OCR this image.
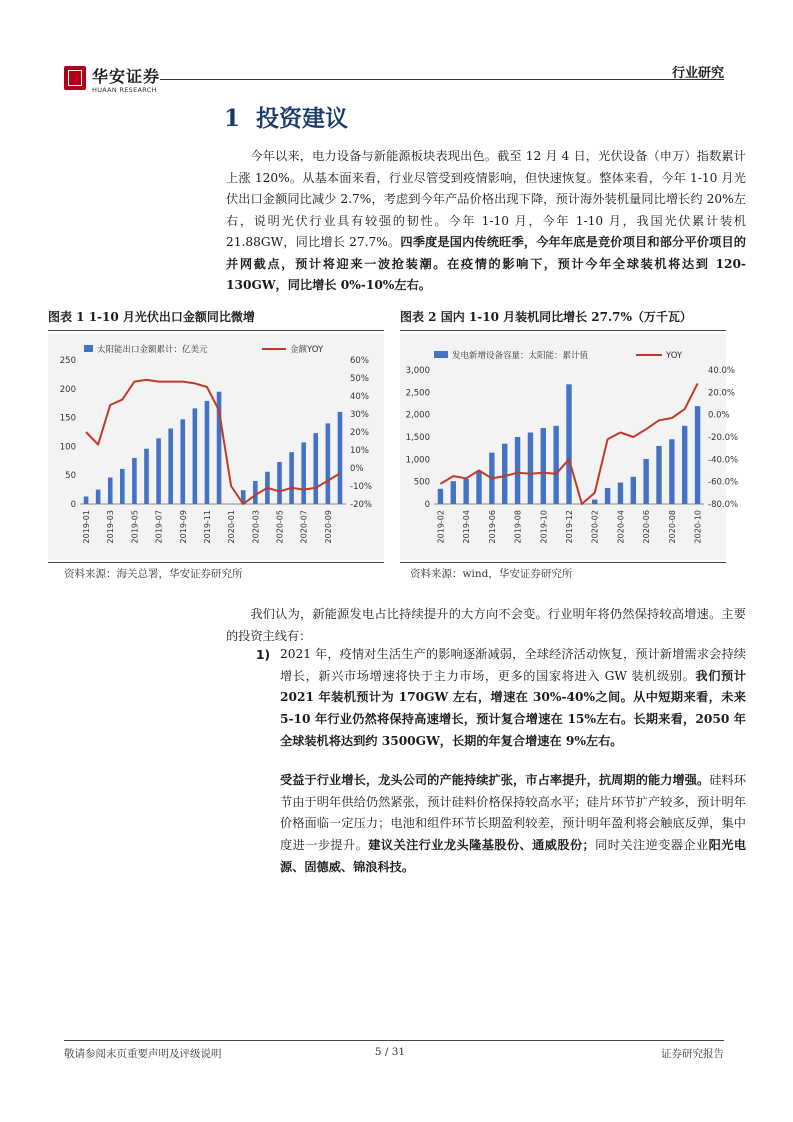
华安证券
HUAAN RESEARCH
行业研究
1 投资建议
今年以来，电力设备与新能源板块表现出色。截至 12 月 4 日，光伏设备（申万）指数累计上涨 120%。从基本面来看，行业尽管受到疫情影响，但快速恢复。整体来看，今年 1-10 月光伏出口金额同比减少 2.7%，考虑到今年产品价格出现下降，预计海外装机量同比增长约 20%左右，说明光伏行业具有较强的韧性。今年 1-10 月，今年 1-10 月，我国光伏累计装机 21.88GW，同比增长 27.7%。四季度是国内传统旺季，今年年底是竞价项目和部分平价项目的并网截点，预计将迎来一波抢装潮。在疫情的影响下，预计今年全球装机将达到 120-130GW，同比增长 0%-10%左右。
图表 1 1-10 月光伏出口金额同比微增	图表 2 国内 1-10 月装机同比增长 27.7%（万千瓦）
太阳能出口金额累计：亿美元	金额YOY
0
50
100
150
200
250	60%
50%
40%
30%
20%
10%
0%
-10%
-20%
2019-01 2019-03 2019-05 2019-07 2019-09 2019-11 2020-01 2020-03 2020-05 2020-07 2020-09
发电新增设备容量：太阳能：累计值	YOY
3,000
2,500
2,000
1,500
1,000
500
0
40.0%
20.0%
0.0%
-20.0%
-40.0%
-60.0%
-80.0%
2019-02 2019-04 2019-06 2019-08 2019-10 2019-12 2020-02 2020-04 2020-06 2020-08 2020-10
资料来源：海关总署，华安证券研究所	资料来源：wind，华安证券研究所
我们认为，新能源发电占比持续提升的大方向不会变。行业明年将仍然保持较高增速。主要的投资主线有：
1) 2021 年，疫情对生活生产的影响逐渐减弱，全球经济活动恢复，预计新增需求会持续增长，新兴市场增速将快于主力市场，更多的国家将进入 GW 装机级别。我们预计 2021 年装机预计为 170GW 左右，增速在 30%-40%之间。从中短期来看，未来 5-10 年行业仍然将保持高速增长，预计复合增速在 15%左右。长期来看，2050 年全球装机将达到约 3500GW，长期的年复合增速在 9%左右。
受益于行业增长，龙头公司的产能持续扩张，市占率提升，抗周期的能力增强。硅料环节由于明年供给仍然紧张，预计硅料价格保持较高水平；硅片环节扩产较多，预计明年价格面临一定压力；电池和组件环节长期盈利较差，预计明年盈利将会触底反弹，集中度进一步提升。建议关注行业龙头隆基股份、通威股份；同时关注逆变器企业阳光电源、固德威、锦浪科技。
敬请参阅末页重要声明及评级说明	5 / 31	证券研究报告
